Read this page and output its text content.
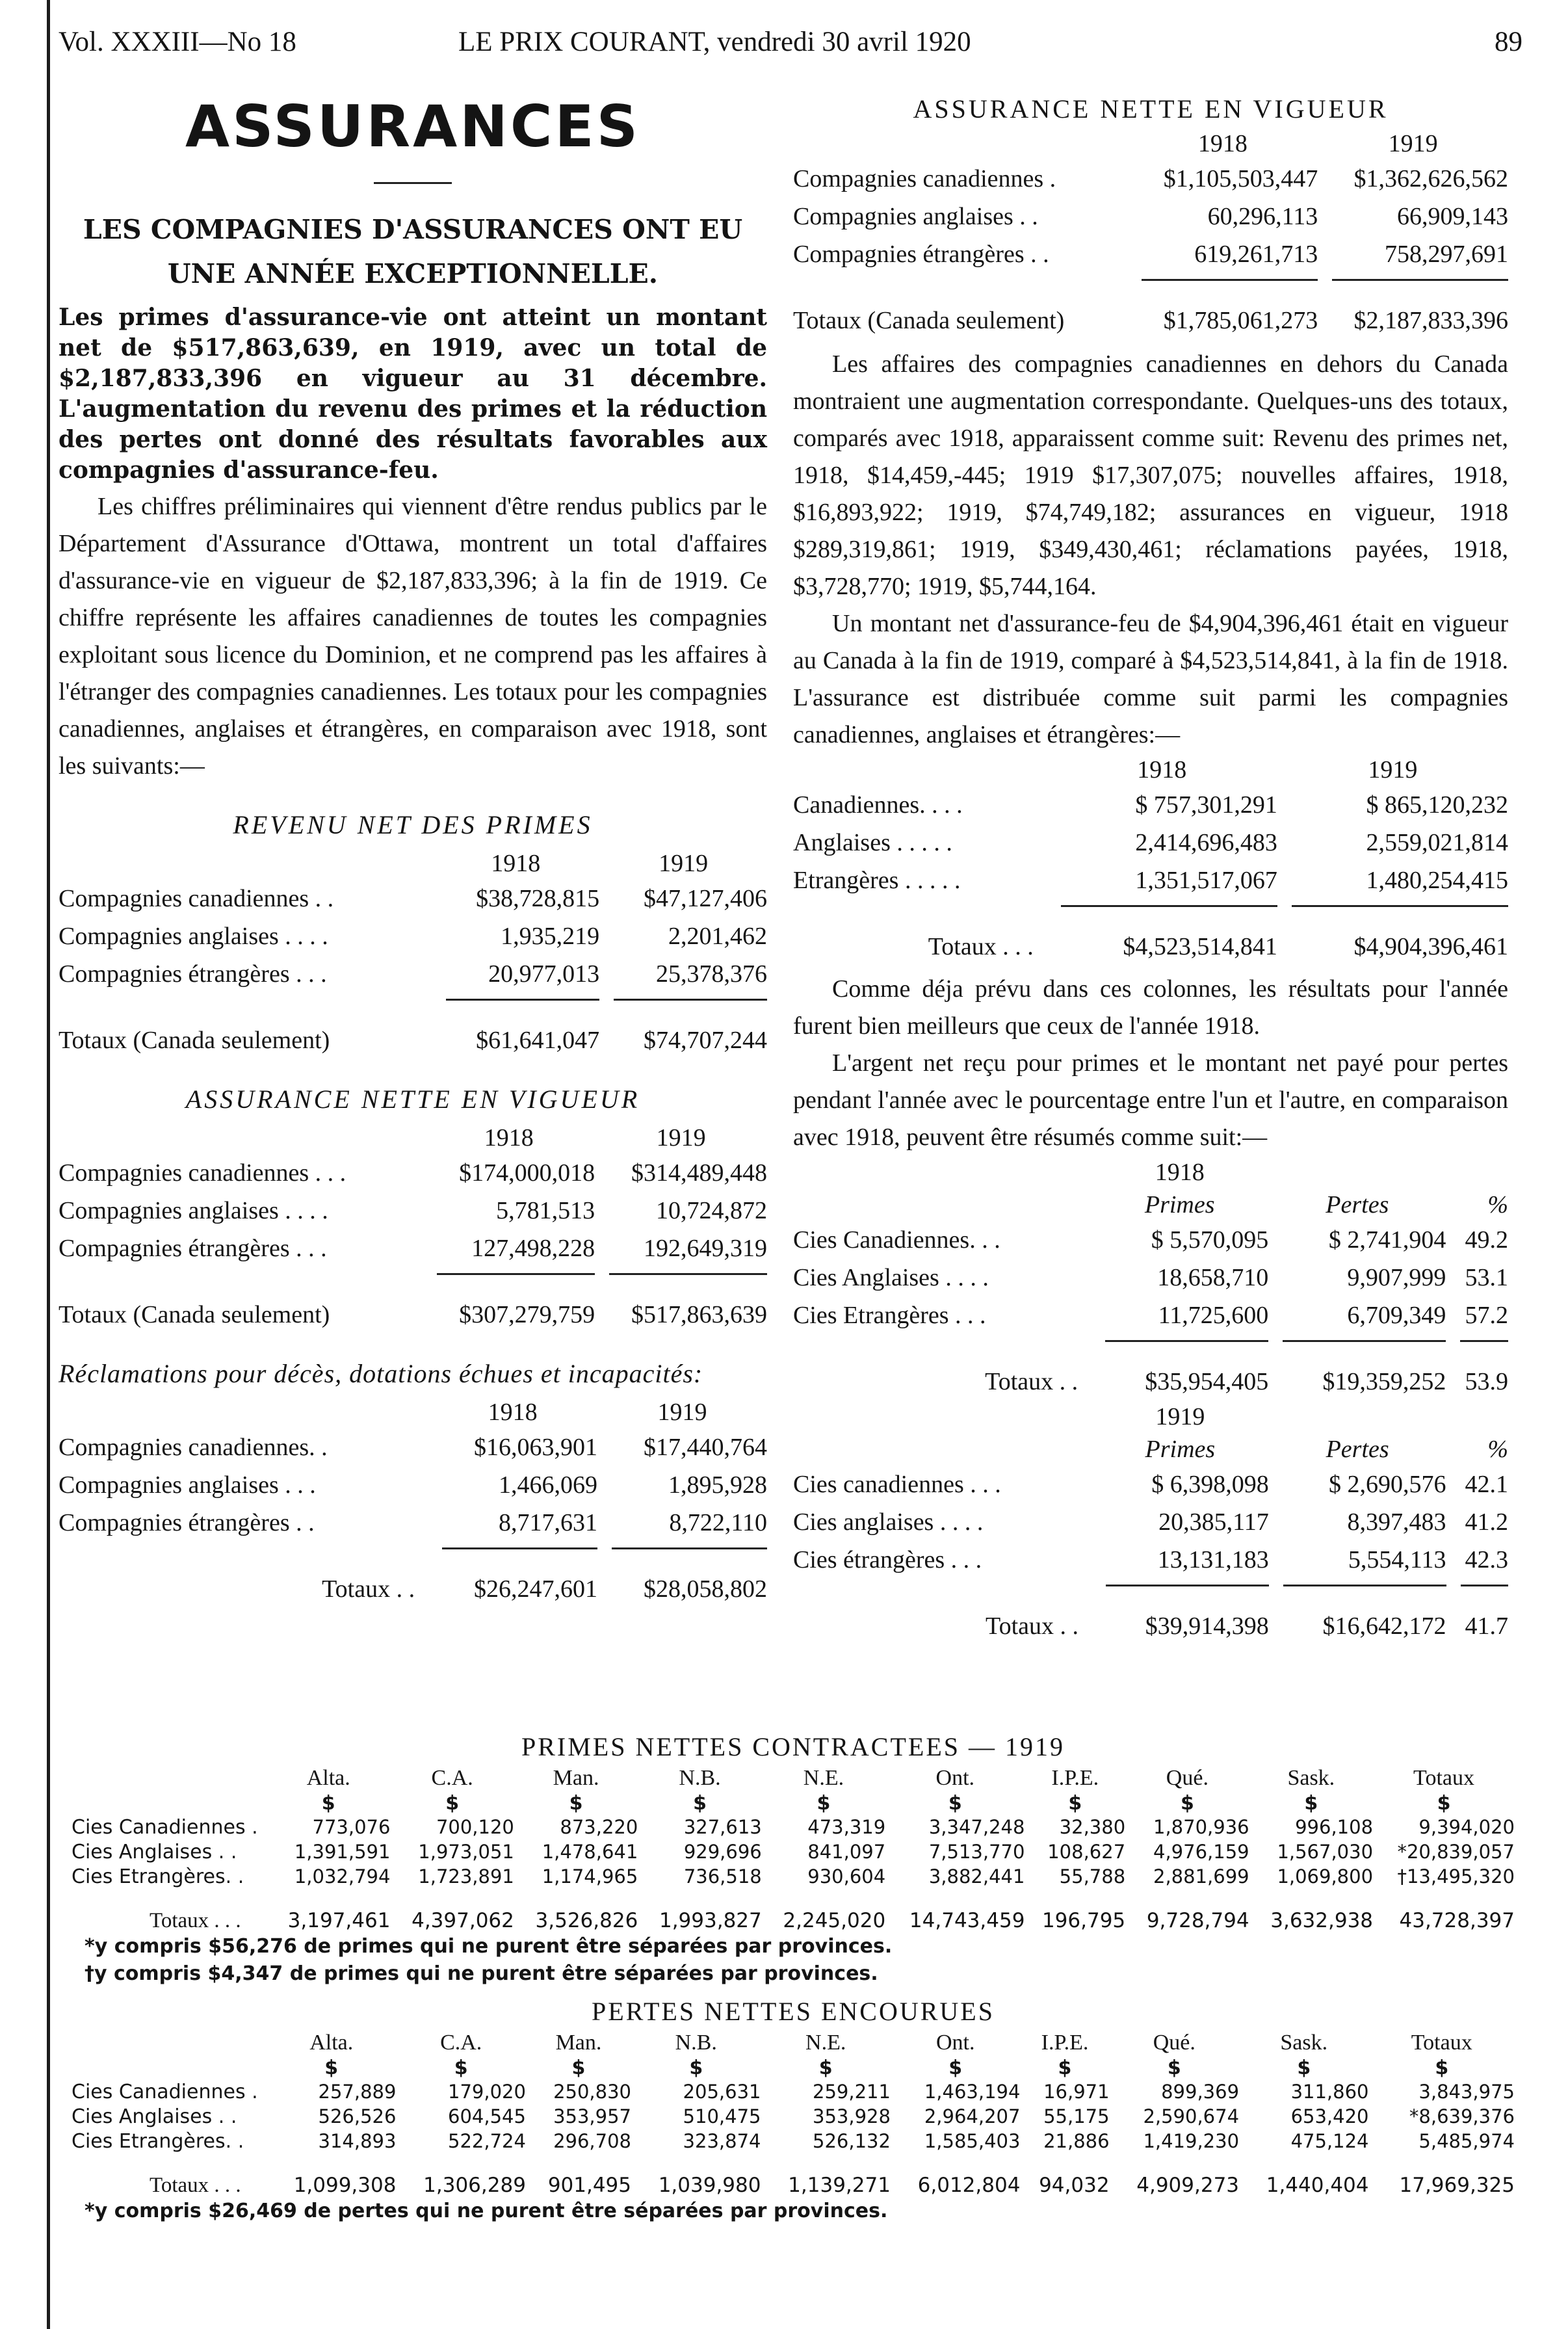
Vol. XXXIII—No 18	LE PRIX COURANT, vendredi 30 avril 1920	89
ASSURANCES

LES COMPAGNIES D'ASSURANCES ONT EU

UNE ANNÉE EXCEPTIONNELLE.

Les primes d'assurance-vie ont atteint un montant net de $517,863,639, en 1919, avec un total de $2,187,833,396 en vigueur au 31 décembre. L'augmentation du revenu des primes et la réduction des pertes ont donné des résultats favorables aux compagnies d'assurance-feu.

Les chiffres préliminaires qui viennent d'être rendus publics par le Département d'Assurance d'Ottawa, montrent un total d'affaires d'assurance-vie en vigueur de $2,187,833,396; à la fin de 1919. Ce chiffre représente les affaires canadiennes de toutes les compagnies exploitant sous licence du Dominion, et ne comprend pas les affaires à l'étranger des compagnies canadiennes. Les totaux pour les compagnies canadiennes, anglaises et étrangères, en comparaison avec 1918, sont les suivants:—

REVENU NET DES PRIMES
	1918	1919
Compagnies canadiennes . .	$38,728,815	$47,127,406
Compagnies anglaises . . . .	1,935,219	2,201,462
Compagnies étrangères . . .	20,977,013	25,378,376

Totaux (Canada seulement)	$61,641,047	$74,707,244
ASSURANCE NETTE EN VIGUEUR
	1918	1919
Compagnies canadiennes . . .	$174,000,018	$314,489,448
Compagnies anglaises . . . .	5,781,513	10,724,872
Compagnies étrangères . . .	127,498,228	192,649,319

Totaux (Canada seulement)	$307,279,759	$517,863,639
Réclamations pour décès, dotations échues et incapacités:
	1918	1919
Compagnies canadiennes. .	$16,063,901	$17,440,764
Compagnies anglaises . . .	1,466,069	1,895,928
Compagnies étrangères . .	8,717,631	8,722,110

Totaux . .	$26,247,601	$28,058,802
ASSURANCE NETTE EN VIGUEUR
	1918	1919
Compagnies canadiennes .	$1,105,503,447	$1,362,626,562
Compagnies anglaises . .	60,296,113	66,909,143
Compagnies étrangères . .	619,261,713	758,297,691

Totaux (Canada seulement)	$1,785,061,273	$2,187,833,396

Les affaires des compagnies canadiennes en dehors du Canada montraient une augmentation correspondante. Quelques-uns des totaux, comparés avec 1918, apparaissent comme suit: Revenu des primes net, 1918, $14,459,-445; 1919 $17,307,075; nouvelles affaires, 1918, $16,893,922; 1919, $74,749,182; assurances en vigueur, 1918 $289,319,861; 1919, $349,430,461; réclamations payées, 1918, $3,728,770; 1919, $5,744,164.

Un montant net d'assurance-feu de $4,904,396,461 était en vigueur au Canada à la fin de 1919, comparé à $4,523,514,841, à la fin de 1918. L'assurance est distribuée comme suit parmi les compagnies canadiennes, anglaises et étrangères:—

	1918	1919
Canadiennes. . . .	$ 757,301,291	$ 865,120,232
Anglaises . . . . .	2,414,696,483	2,559,021,814
Etrangères . . . . .	1,351,517,067	1,480,254,415

Totaux . . .	$4,523,514,841	$4,904,396,461

Comme déja prévu dans ces colonnes, les résultats pour l'année furent bien meilleurs que ceux de l'année 1918.

L'argent net reçu pour primes et le montant net payé pour pertes pendant l'année avec le pourcentage entre l'un et l'autre, en comparaison avec 1918, peuvent être résumés comme suit:—

	1918		
	Primes	Pertes	%
Cies Canadiennes. . .	$ 5,570,095	$ 2,741,904	49.2
Cies Anglaises . . . .	18,658,710	9,907,999	53.1
Cies Etrangères . . .	11,725,600	6,709,349	57.2

Totaux . .	$35,954,405	$19,359,252	53.9
	1919		
	Primes	Pertes	%
Cies canadiennes . . .	$ 6,398,098	$ 2,690,576	42.1
Cies anglaises . . . .	20,385,117	8,397,483	41.2
Cies étrangères . . .	13,131,183	5,554,113	42.3

Totaux . .	$39,914,398	$16,642,172	41.7
PRIMES NETTES CONTRACTEES — 1919
	Alta.	C.A.	Man.	N.B.	N.E.	Ont.	I.P.E.	Qué.	Sask.	Totaux
	$	$	$	$	$	$	$	$	$	$
Cies Canadiennes .	773,076	700,120	873,220	327,613	473,319	3,347,248	32,380	1,870,936	996,108	9,394,020
Cies Anglaises . .	1,391,591	1,973,051	1,478,641	929,696	841,097	7,513,770	108,627	4,976,159	1,567,030	*20,839,057
Cies Etrangères. .	1,032,794	1,723,891	1,174,965	736,518	930,604	3,882,441	55,788	2,881,699	1,069,800	†13,495,320
Totaux . . .	3,197,461	4,397,062	3,526,826	1,993,827	2,245,020	14,743,459	196,795	9,728,794	3,632,938	43,728,397
*y compris $56,276 de primes qui ne purent être séparées par provinces.
†y compris $4,347 de primes qui ne purent être séparées par provinces.
PERTES NETTES ENCOURUES
	Alta.	C.A.	Man.	N.B.	N.E.	Ont.	I.P.E.	Qué.	Sask.	Totaux
	$	$	$	$	$	$	$	$	$	$
Cies Canadiennes .	257,889	179,020	250,830	205,631	259,211	1,463,194	16,971	899,369	311,860	3,843,975
Cies Anglaises . .	526,526	604,545	353,957	510,475	353,928	2,964,207	55,175	2,590,674	653,420	*8,639,376
Cies Etrangères. .	314,893	522,724	296,708	323,874	526,132	1,585,403	21,886	1,419,230	475,124	5,485,974
Totaux . . .	1,099,308	1,306,289	901,495	1,039,980	1,139,271	6,012,804	94,032	4,909,273	1,440,404	17,969,325
*y compris $26,469 de pertes qui ne purent être séparées par provinces.
